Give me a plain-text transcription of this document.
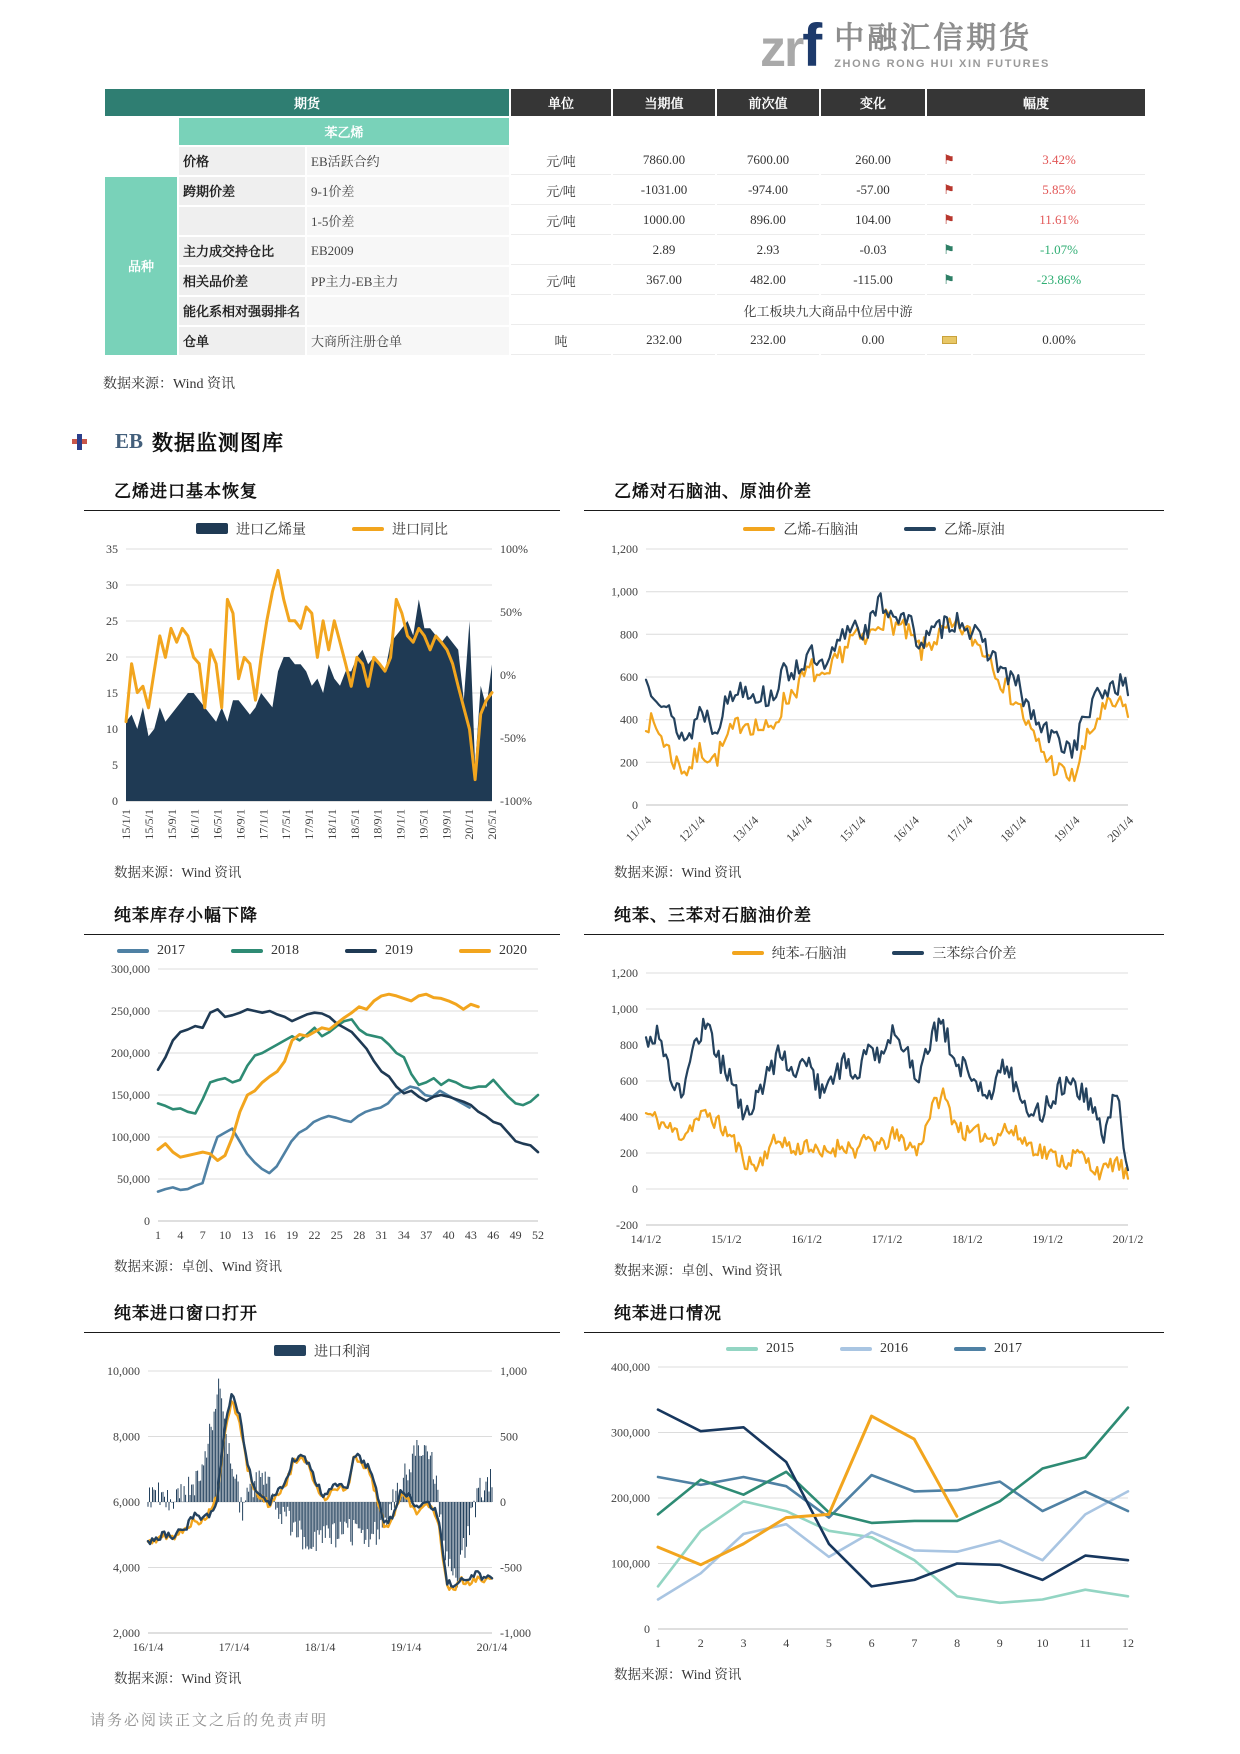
zrf 中融汇信期货
ZHONG RONG HUI XIN FUTURES
期货			单位	当期值	前次值	变化	幅度	
	苯乙烯							
	价格	EB活跃合约	元/吨	7860.00	7600.00	260.00	⚑	3.42%
品种	跨期价差	9-1价差	元/吨	-1031.00	-974.00	-57.00	⚑	5.85%
		1-5价差	元/吨	1000.00	896.00	104.00	⚑	11.61%
	主力成交持仓比	EB2009		2.89	2.93	-0.03	⚑	-1.07%
	相关品价差	PP主力-EB主力	元/吨	367.00	482.00	-115.00	⚑	-23.86%
	能化系相对强弱排名		化工板块九大商品中位居中游					
	仓单	大商所注册仓单	吨	232.00	232.00	0.00		0.00%
数据来源：Wind 资讯
EB 数据监测图库
乙烯进口基本恢复
进口乙烯量	进口同比
0
5
10
15
20
25
30
35
-100%
-50%
0%
50%
100%
15/1/1 15/5/1 15/9/1 16/1/1 16/5/1 16/9/1 17/1/1 17/5/1 17/9/1 18/1/1 18/5/1 18/9/1 19/1/1 19/5/1 19/9/1 20/1/1 20/5/1
数据来源：Wind 资讯
乙烯对石脑油、原油价差
乙烯-石脑油	乙烯-原油
0
200
400
600
800
1,000
1,200
11/1/4 12/1/4 13/1/4 14/1/4 15/1/4 16/1/4 17/1/4 18/1/4 19/1/4 20/1/4
数据来源：Wind 资讯
纯苯库存小幅下降
2017	2018	2019	2020
0
50,000
100,000
150,000
200,000
250,000
300,000
1 4 7 10 13 16 19 22 25 28 31 34 37 40 43 46 49 52
数据来源：卓创、Wind 资讯
纯苯、三苯对石脑油价差
纯苯-石脑油	三苯综合价差
-200
0
200
400
600
800
1,000
1,200
14/1/2	15/1/2	16/1/2	17/1/2	18/1/2	19/1/2	20/1/2
数据来源：卓创、Wind 资讯
纯苯进口窗口打开
进口利润
2,000
4,000
6,000
8,000
10,000
-1,000
-500
0
500
1,000
16/1/4	17/1/4	18/1/4	19/1/4	20/1/4
数据来源：Wind 资讯
纯苯进口情况
2015	2016	2017
0
100,000
200,000
300,000
400,000
1	2	3	4	5	6	7	8	9	10	11	12
数据来源：Wind 资讯
请务必阅读正文之后的免责声明
